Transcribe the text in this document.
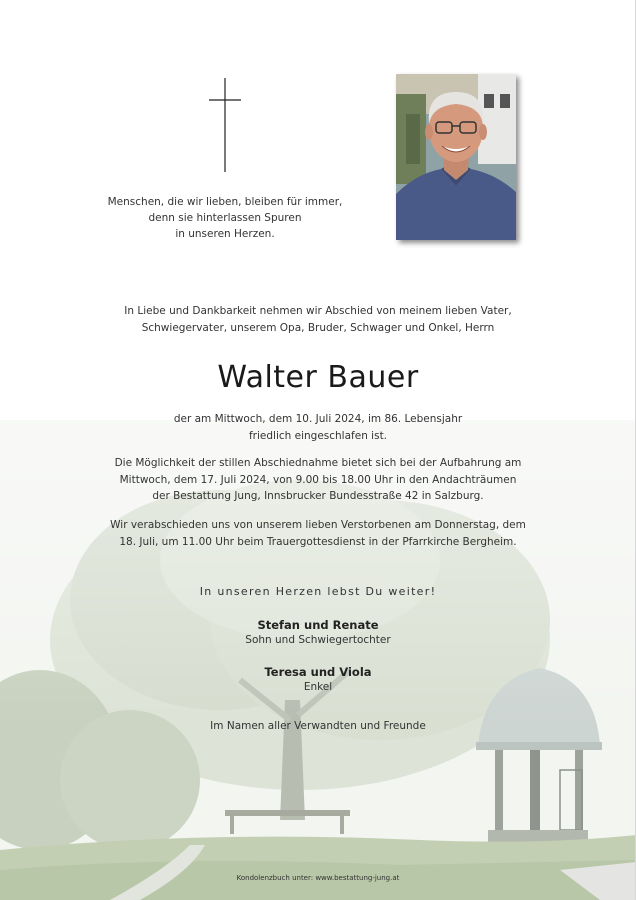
Menschen, die wir lieben, bleiben für immer,
denn sie hinterlassen Spuren
in unseren Herzen.
In Liebe und Dankbarkeit nehmen wir Abschied von meinem lieben Vater,
Schwiegervater, unserem Opa, Bruder, Schwager und Onkel, Herrn
Walter Bauer
der am Mittwoch, dem 10. Juli 2024, im 86. Lebensjahr
friedlich eingeschlafen ist.
Die Möglichkeit der stillen Abschiednahme bietet sich bei der Aufbahrung am
Mittwoch, dem 17. Juli 2024, von 9.00 bis 18.00 Uhr in den Andachträumen
der Bestattung Jung, Innsbrucker Bundesstraße 42 in Salzburg.
Wir verabschieden uns von unserem lieben Verstorbenen am Donnerstag, dem
18. Juli, um 11.00 Uhr beim Trauergottesdienst in der Pfarrkirche Bergheim.
In unseren Herzen lebst Du weiter!
Stefan und Renate
Sohn und Schwiegertochter
Teresa und Viola
Enkel
Im Namen aller Verwandten und Freunde
Kondolenzbuch unter: www.bestattung-jung.at
